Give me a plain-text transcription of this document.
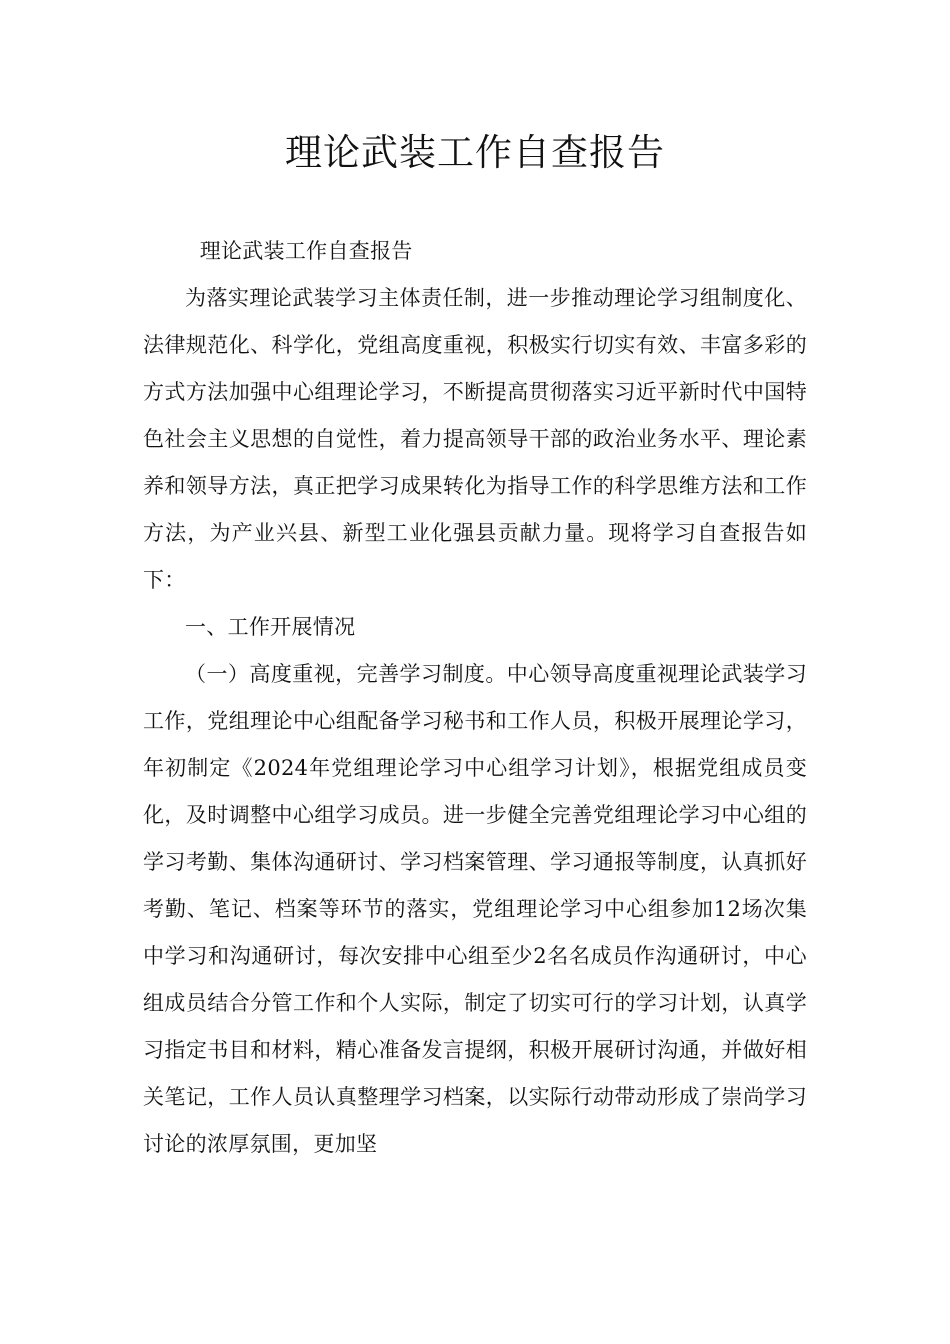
理论武装工作自查报告

理论武装工作自查报告

为落实理论武装学习主体责任制，进一步推动理论学习组制度化、法律规范化、科学化，党组高度重视，积极实行切实有效、丰富多彩的方式方法加强中心组理论学习，不断提高贯彻落实习近平新时代中国特色社会主义思想的自觉性，着力提高领导干部的政治业务水平、理论素养和领导方法，真正把学习成果转化为指导工作的科学思维方法和工作方法，为产业兴县、新型工业化强县贡献力量。现将学习自查报告如下：

一、工作开展情况

（一）高度重视，完善学习制度。中心领导高度重视理论武装学习工作，党组理论中心组配备学习秘书和工作人员，积极开展理论学习，年初制定《2024年党组理论学习中心组学习计划》，根据党组成员变化，及时调整中心组学习成员。进一步健全完善党组理论学习中心组的学习考勤、集体沟通研讨、学习档案管理、学习通报等制度，认真抓好考勤、笔记、档案等环节的落实，党组理论学习中心组参加12场次集中学习和沟通研讨，每次安排中心组至少2名名成员作沟通研讨，中心组成员结合分管工作和个人实际，制定了切实可行的学习计划，认真学习指定书目和材料，精心准备发言提纲，积极开展研讨沟通，并做好相关笔记，工作人员认真整理学习档案，以实际行动带动形成了崇尚学习讨论的浓厚氛围，更加坚
